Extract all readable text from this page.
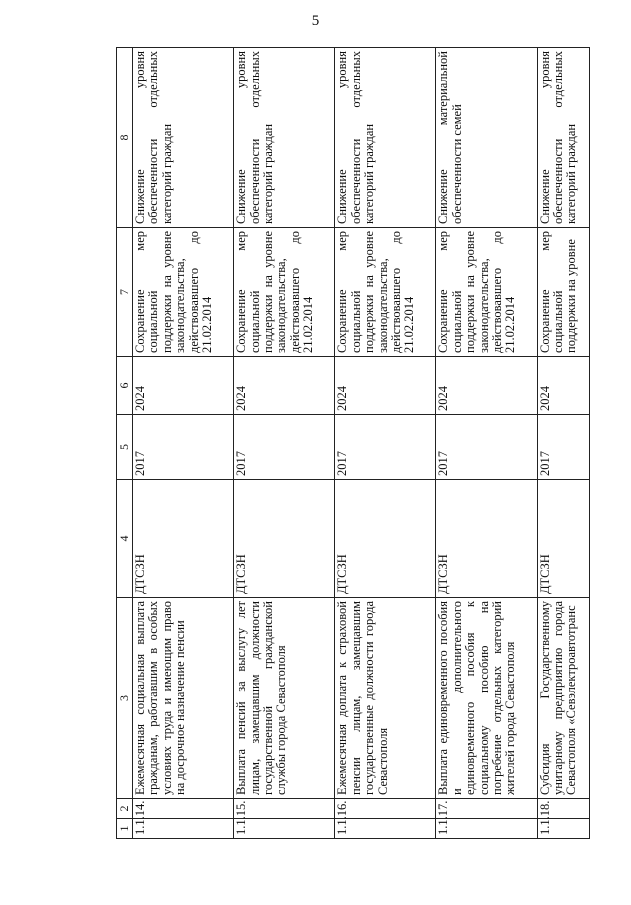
5
1	2	3	4	5	6	7	8
1.1.14.		Ежемесячная социальная выплата гражданам, работавшим в особых условиях труда и имеющим право на досрочное назначение пенсии	ДТСЗН	2017	2024	Сохранение мер социальной поддержки на уровне законодательства, действовавшего до 21.02.2014	Снижение уровня обеспеченности отдельных категорий граждан
1.1.15.		Выплата пенсий за выслугу лет лицам, замещавшим должности государственной гражданской службы города Севастополя	ДТСЗН	2017	2024	Сохранение мер социальной поддержки на уровне законодательства, действовавшего до 21.02.2014	Снижение уровня обеспеченности отдельных категорий граждан
1.1.16.		Ежемесячная доплата к страховой пенсии лицам, замещавшим государственные должности города Севастополя	ДТСЗН	2017	2024	Сохранение мер социальной поддержки на уровне законодательства, действовавшего до 21.02.2014	Снижение уровня обеспеченности отдельных категорий граждан
1.1.17.		Выплата единовременного пособия и дополнительного единовременного пособия к социальному пособию на погребение отдельных категорий жителей города Севастополя	ДТСЗН	2017	2024	Сохранение мер социальной поддержки на уровне законодательства, действовавшего до 21.02.2014	Снижение материальной обеспеченности семей
1.1.18.		Субсидия Государственному унитарному предприятию города Севастополя «Севэлектроавтотранс	ДТСЗН	2017	2024	Сохранение мер социальной поддержки на уровне	Снижение уровня обеспеченности отдельных категорий граждан
